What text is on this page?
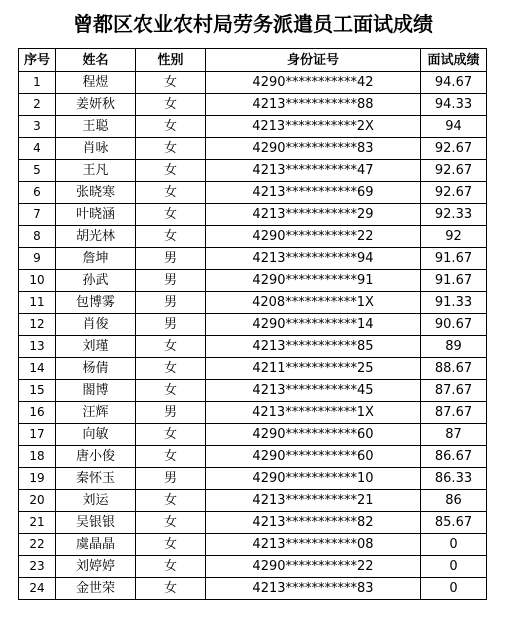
曾都区农业农村局劳务派遣员工面试成绩
序号	姓名	性别	身份证号	面试成绩
1	程煜	女	4290***********42	94.67
2	姜妍秋	女	4213***********88	94.33
3	王聪	女	4213***********2X	94
4	肖咏	女	4290***********83	92.67
5	王凡	女	4213***********47	92.67
6	张晓寒	女	4213***********69	92.67
7	叶晓涵	女	4213***********29	92.33
8	胡光林	女	4290***********22	92
9	詹坤	男	4213***********94	91.67
10	孙武	男	4290***********91	91.67
11	包博雾	男	4208***********1X	91.33
12	肖俊	男	4290***********14	90.67
13	刘瑾	女	4213***********85	89
14	杨倩	女	4211***********25	88.67
15	閤博	女	4213***********45	87.67
16	汪辉	男	4213***********1X	87.67
17	向敏	女	4290***********60	87
18	唐小俊	女	4290***********60	86.67
19	秦怀玉	男	4290***********10	86.33
20	刘运	女	4213***********21	86
21	吴银银	女	4213***********82	85.67
22	虞晶晶	女	4213***********08	0
23	刘婷婷	女	4290***********22	0
24	金世荣	女	4213***********83	0
